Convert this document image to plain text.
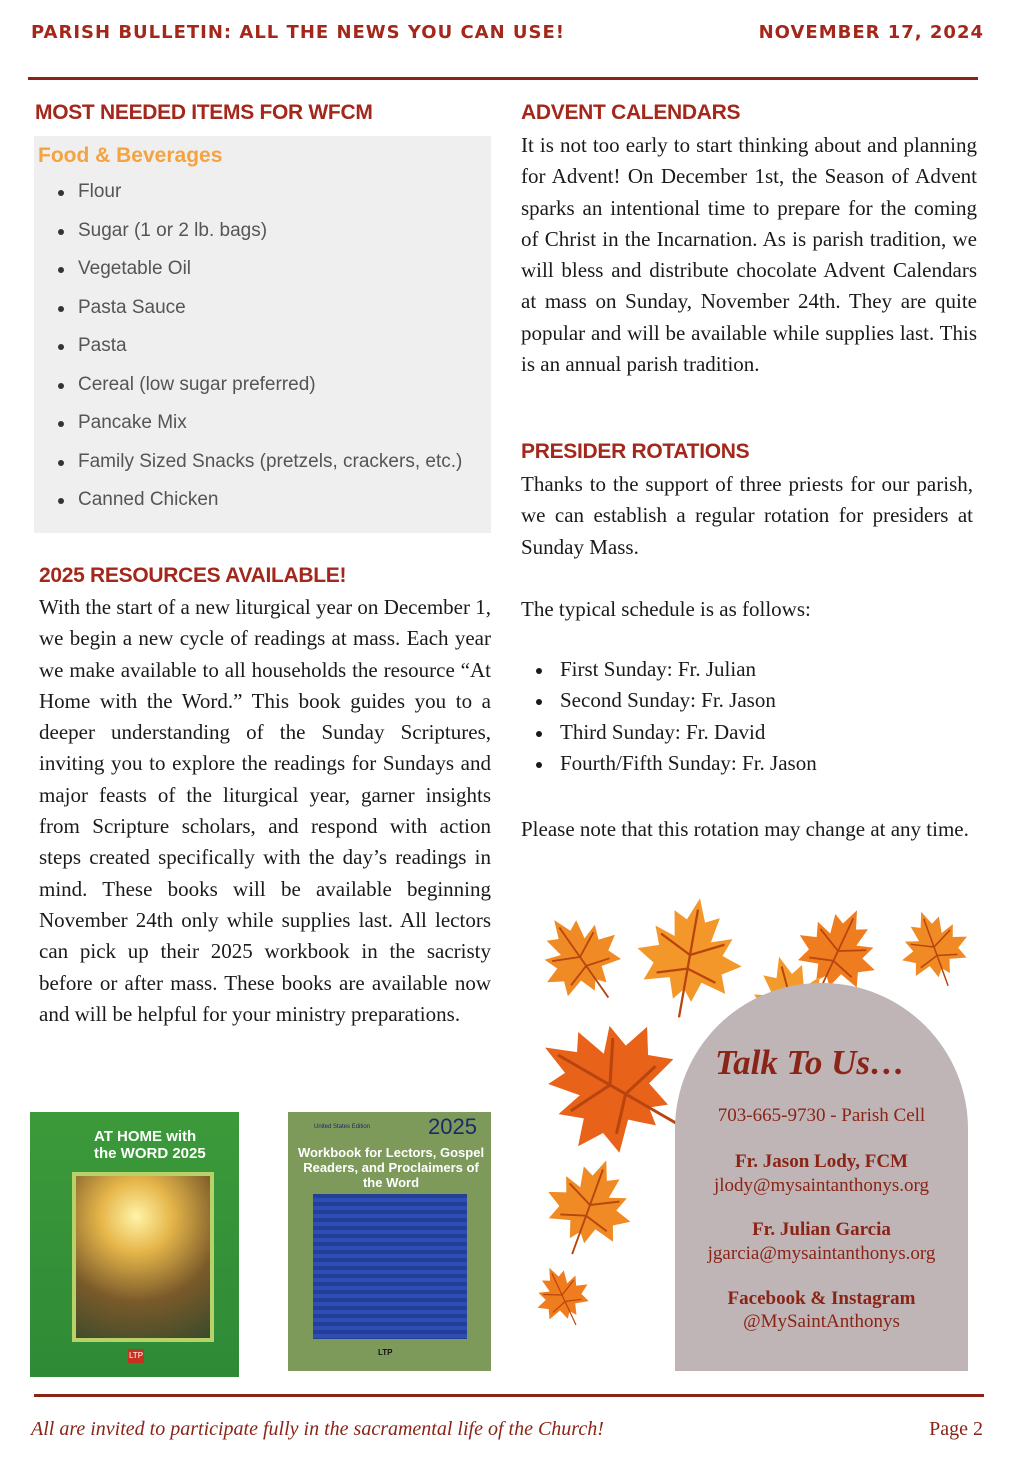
PARISH BULLETIN: ALL THE NEWS YOU CAN USE!	NOVEMBER 17, 2024
MOST NEEDED ITEMS FOR WFCM
Food & Beverages
Flour
Sugar (1 or 2 lb. bags)
Vegetable Oil
Pasta Sauce
Pasta
Cereal (low sugar preferred)
Pancake Mix
Family Sized Snacks (pretzels, crackers, etc.)
Canned Chicken
2025 RESOURCES AVAILABLE!
With the start of a new liturgical year on December 1, we begin a new cycle of readings at mass. Each year we make available to all households the resource “At Home with the Word.” This book guides you to a deeper understanding of the Sunday Scriptures, inviting you to explore the readings for Sundays and major feasts of the liturgical year, garner insights from Scripture scholars, and respond with action steps created specifically with the day’s readings in mind. These books will be available beginning November 24th only while supplies last. All lectors can pick up their 2025 workbook in the sacristy before or after mass. These books are available now and will be helpful for your ministry preparations.
AT HOME with
the WORD 2025
LTP
United States Edition	2025
Workbook for Lectors, Gospel Readers, and Proclaimers of the Word
LTP
ADVENT CALENDARS
It is not too early to start thinking about and planning for Advent! On December 1st, the Season of Advent sparks an intentional time to prepare for the coming of Christ in the Incarnation. As is parish tradition, we will bless and distribute chocolate Advent Calendars at mass on Sunday, November 24th. They are quite popular and will be available while supplies last. This is an annual parish tradition.
PRESIDER ROTATIONS
Thanks to the support of three priests for our parish, we can establish a regular rotation for presiders at Sunday Mass.
The typical schedule is as follows:
First Sunday: Fr. Julian
Second Sunday: Fr. Jason
Third Sunday: Fr. David
Fourth/Fifth Sunday: Fr. Jason
Please note that this rotation may change at any time.
Talk To Us…
703-665-9730 - Parish Cell
Fr. Jason Lody, FCM
jlody@mysaintanthonys.org
Fr. Julian Garcia
jgarcia@mysaintanthonys.org
Facebook & Instagram
@MySaintAnthonys
All are invited to participate fully in the sacramental life of the Church!	Page 2
